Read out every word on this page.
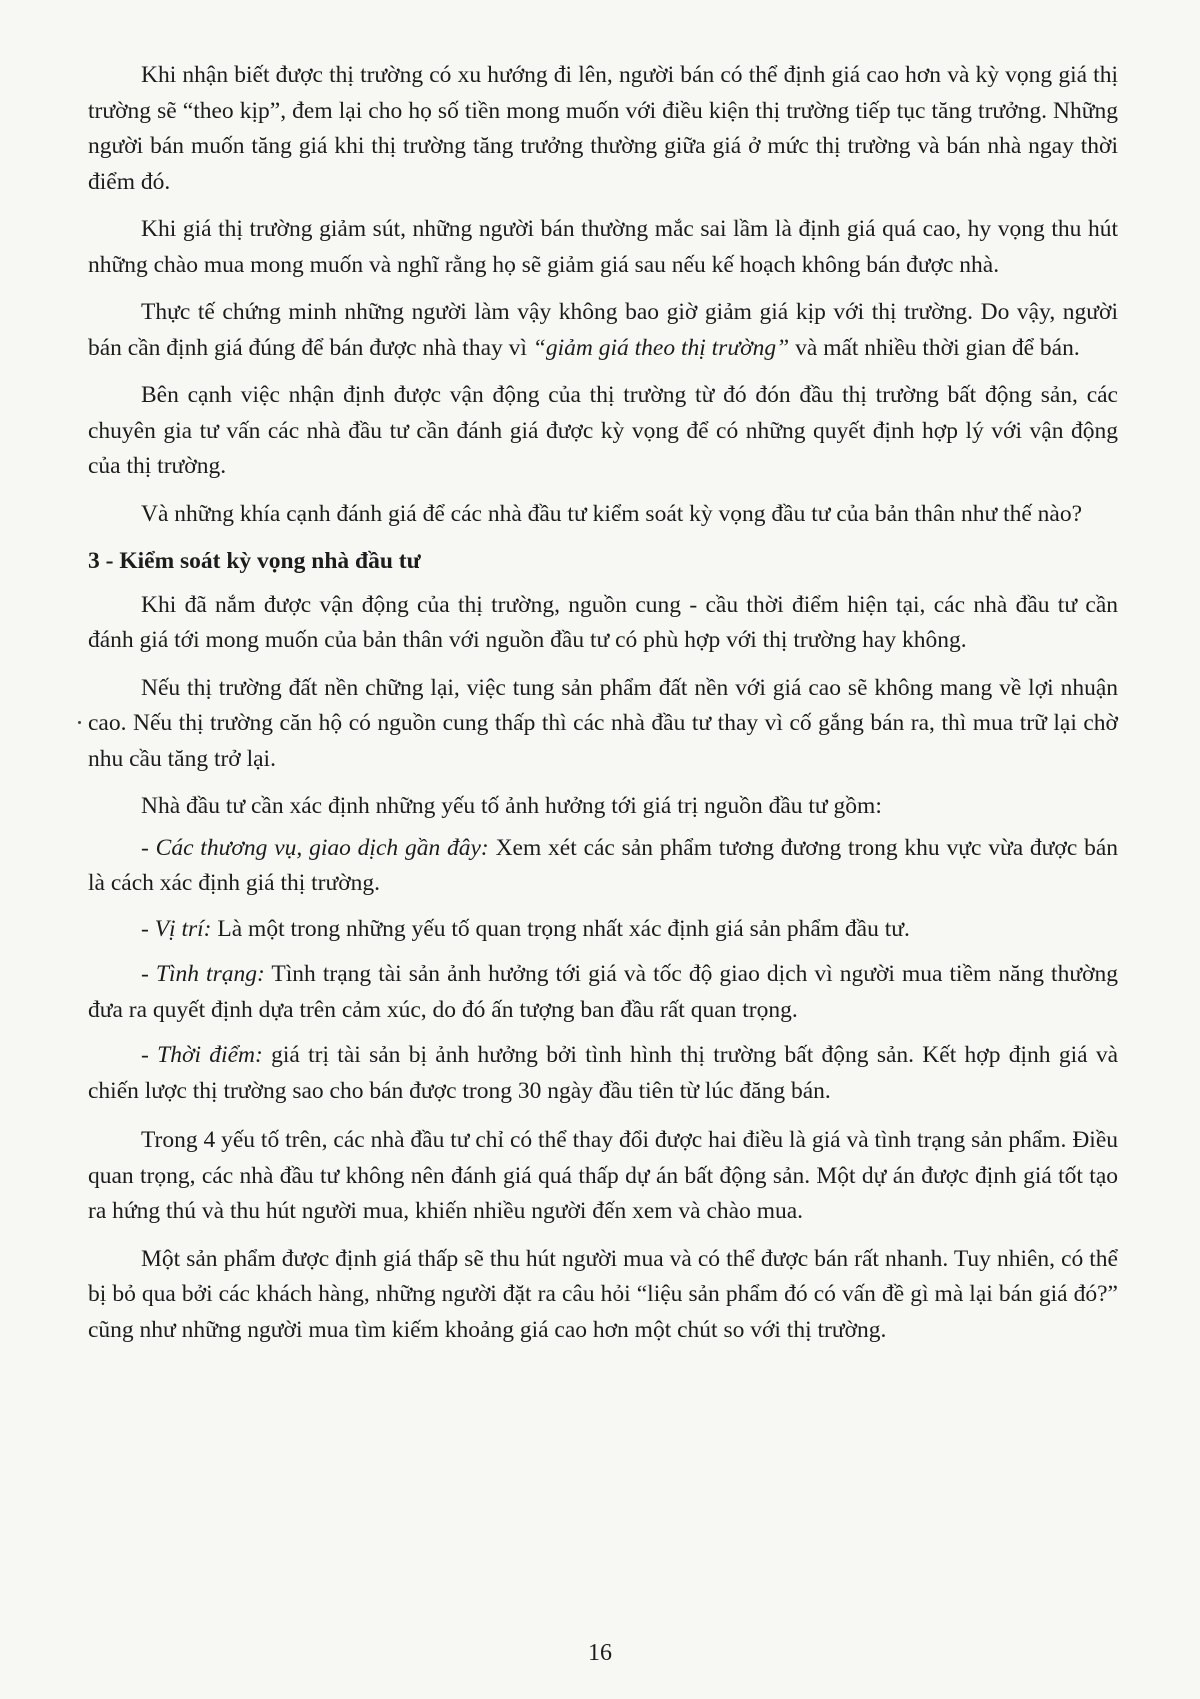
Khi nhận biết được thị trường có xu hướng đi lên, người bán có thể định giá cao hơn và kỳ vọng giá thị trường sẽ “theo kịp”, đem lại cho họ số tiền mong muốn với điều kiện thị trường tiếp tục tăng trưởng. Những người bán muốn tăng giá khi thị trường tăng trưởng thường giữa giá ở mức thị trường và bán nhà ngay thời điểm đó.

Khi giá thị trường giảm sút, những người bán thường mắc sai lầm là định giá quá cao, hy vọng thu hút những chào mua mong muốn và nghĩ rằng họ sẽ giảm giá sau nếu kế hoạch không bán được nhà.

Thực tế chứng minh những người làm vậy không bao giờ giảm giá kịp với thị trường. Do vậy, người bán cần định giá đúng để bán được nhà thay vì “giảm giá theo thị trường” và mất nhiều thời gian để bán.

Bên cạnh việc nhận định được vận động của thị trường từ đó đón đầu thị trường bất động sản, các chuyên gia tư vấn các nhà đầu tư cần đánh giá được kỳ vọng để có những quyết định hợp lý với vận động của thị trường.

Và những khía cạnh đánh giá để các nhà đầu tư kiểm soát kỳ vọng đầu tư của bản thân như thế nào?

3 - Kiểm soát kỳ vọng nhà đầu tư

Khi đã nắm được vận động của thị trường, nguồn cung - cầu thời điểm hiện tại, các nhà đầu tư cần đánh giá tới mong muốn của bản thân với nguồn đầu tư có phù hợp với thị trường hay không.

Nếu thị trường đất nền chững lại, việc tung sản phẩm đất nền với giá cao sẽ không mang về lợi nhuận cao. Nếu thị trường căn hộ có nguồn cung thấp thì các nhà đầu tư thay vì cố gắng bán ra, thì mua trữ lại chờ nhu cầu tăng trở lại.

Nhà đầu tư cần xác định những yếu tố ảnh hưởng tới giá trị nguồn đầu tư gồm:

- Các thương vụ, giao dịch gần đây: Xem xét các sản phẩm tương đương trong khu vực vừa được bán là cách xác định giá thị trường.

- Vị trí: Là một trong những yếu tố quan trọng nhất xác định giá sản phẩm đầu tư.

- Tình trạng: Tình trạng tài sản ảnh hưởng tới giá và tốc độ giao dịch vì người mua tiềm năng thường đưa ra quyết định dựa trên cảm xúc, do đó ấn tượng ban đầu rất quan trọng.

- Thời điểm: giá trị tài sản bị ảnh hưởng bởi tình hình thị trường bất động sản. Kết hợp định giá và chiến lược thị trường sao cho bán được trong 30 ngày đầu tiên từ lúc đăng bán.

Trong 4 yếu tố trên, các nhà đầu tư chỉ có thể thay đổi được hai điều là giá và tình trạng sản phẩm. Điều quan trọng, các nhà đầu tư không nên đánh giá quá thấp dự án bất động sản. Một dự án được định giá tốt tạo ra hứng thú và thu hút người mua, khiến nhiều người đến xem và chào mua.

Một sản phẩm được định giá thấp sẽ thu hút người mua và có thể được bán rất nhanh. Tuy nhiên, có thể bị bỏ qua bởi các khách hàng, những người đặt ra câu hỏi “liệu sản phẩm đó có vấn đề gì mà lại bán giá đó?” cũng như những người mua tìm kiếm khoảng giá cao hơn một chút so với thị trường.

16
